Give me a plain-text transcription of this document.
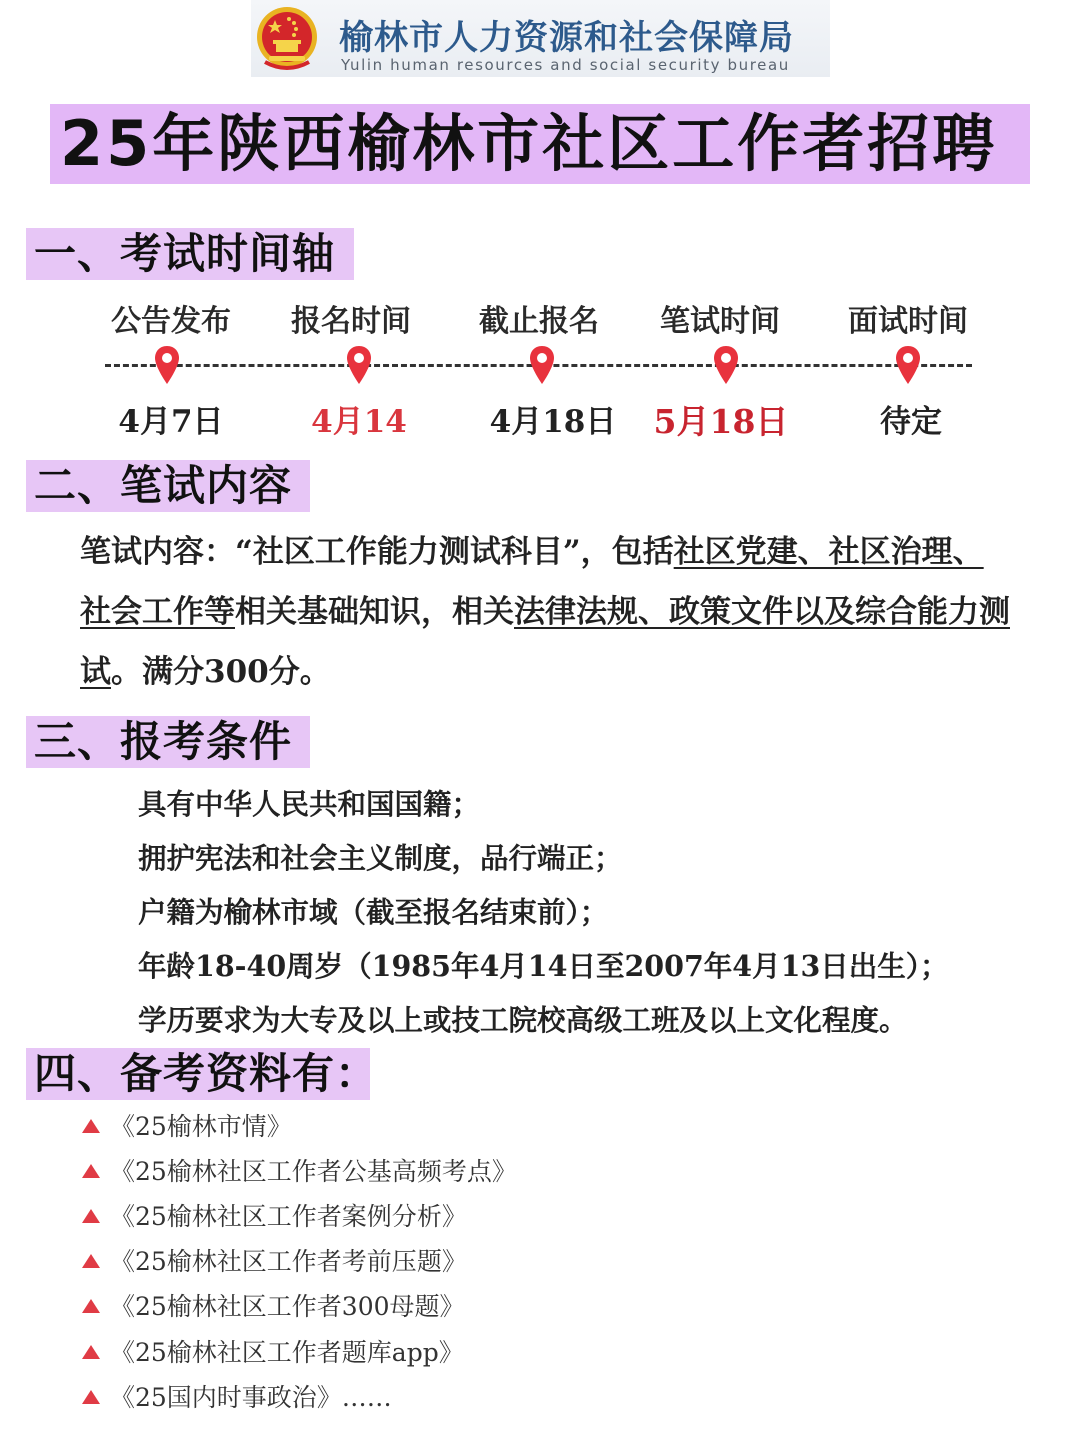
榆林市人力资源和社会保障局
Yulin human resources and social security bureau
25年陕西榆林市社区工作者招聘
一、考试时间轴
公告发布	报名时间	截止报名	笔试时间	面试时间
4月7日	4月14	4月18日	5月18日	待定
二、笔试内容
笔试内容：“社区工作能力测试科目”，包括社区党建、社区治理、社会工作等相关基础知识，相关法律法规、政策文件以及综合能力测试。满分300分。
三、报考条件
具有中华人民共和国国籍；
拥护宪法和社会主义制度，品行端正；
户籍为榆林市域（截至报名结束前）；
年龄18-40周岁（1985年4月14日至2007年4月13日出生）；
学历要求为大专及以上或技工院校高级工班及以上文化程度。
四、备考资料有：
《25榆林市情》
《25榆林社区工作者公基高频考点》
《25榆林社区工作者案例分析》
《25榆林社区工作者考前压题》
《25榆林社区工作者300母题》
《25榆林社区工作者题库app》
《25国内时事政治》……
